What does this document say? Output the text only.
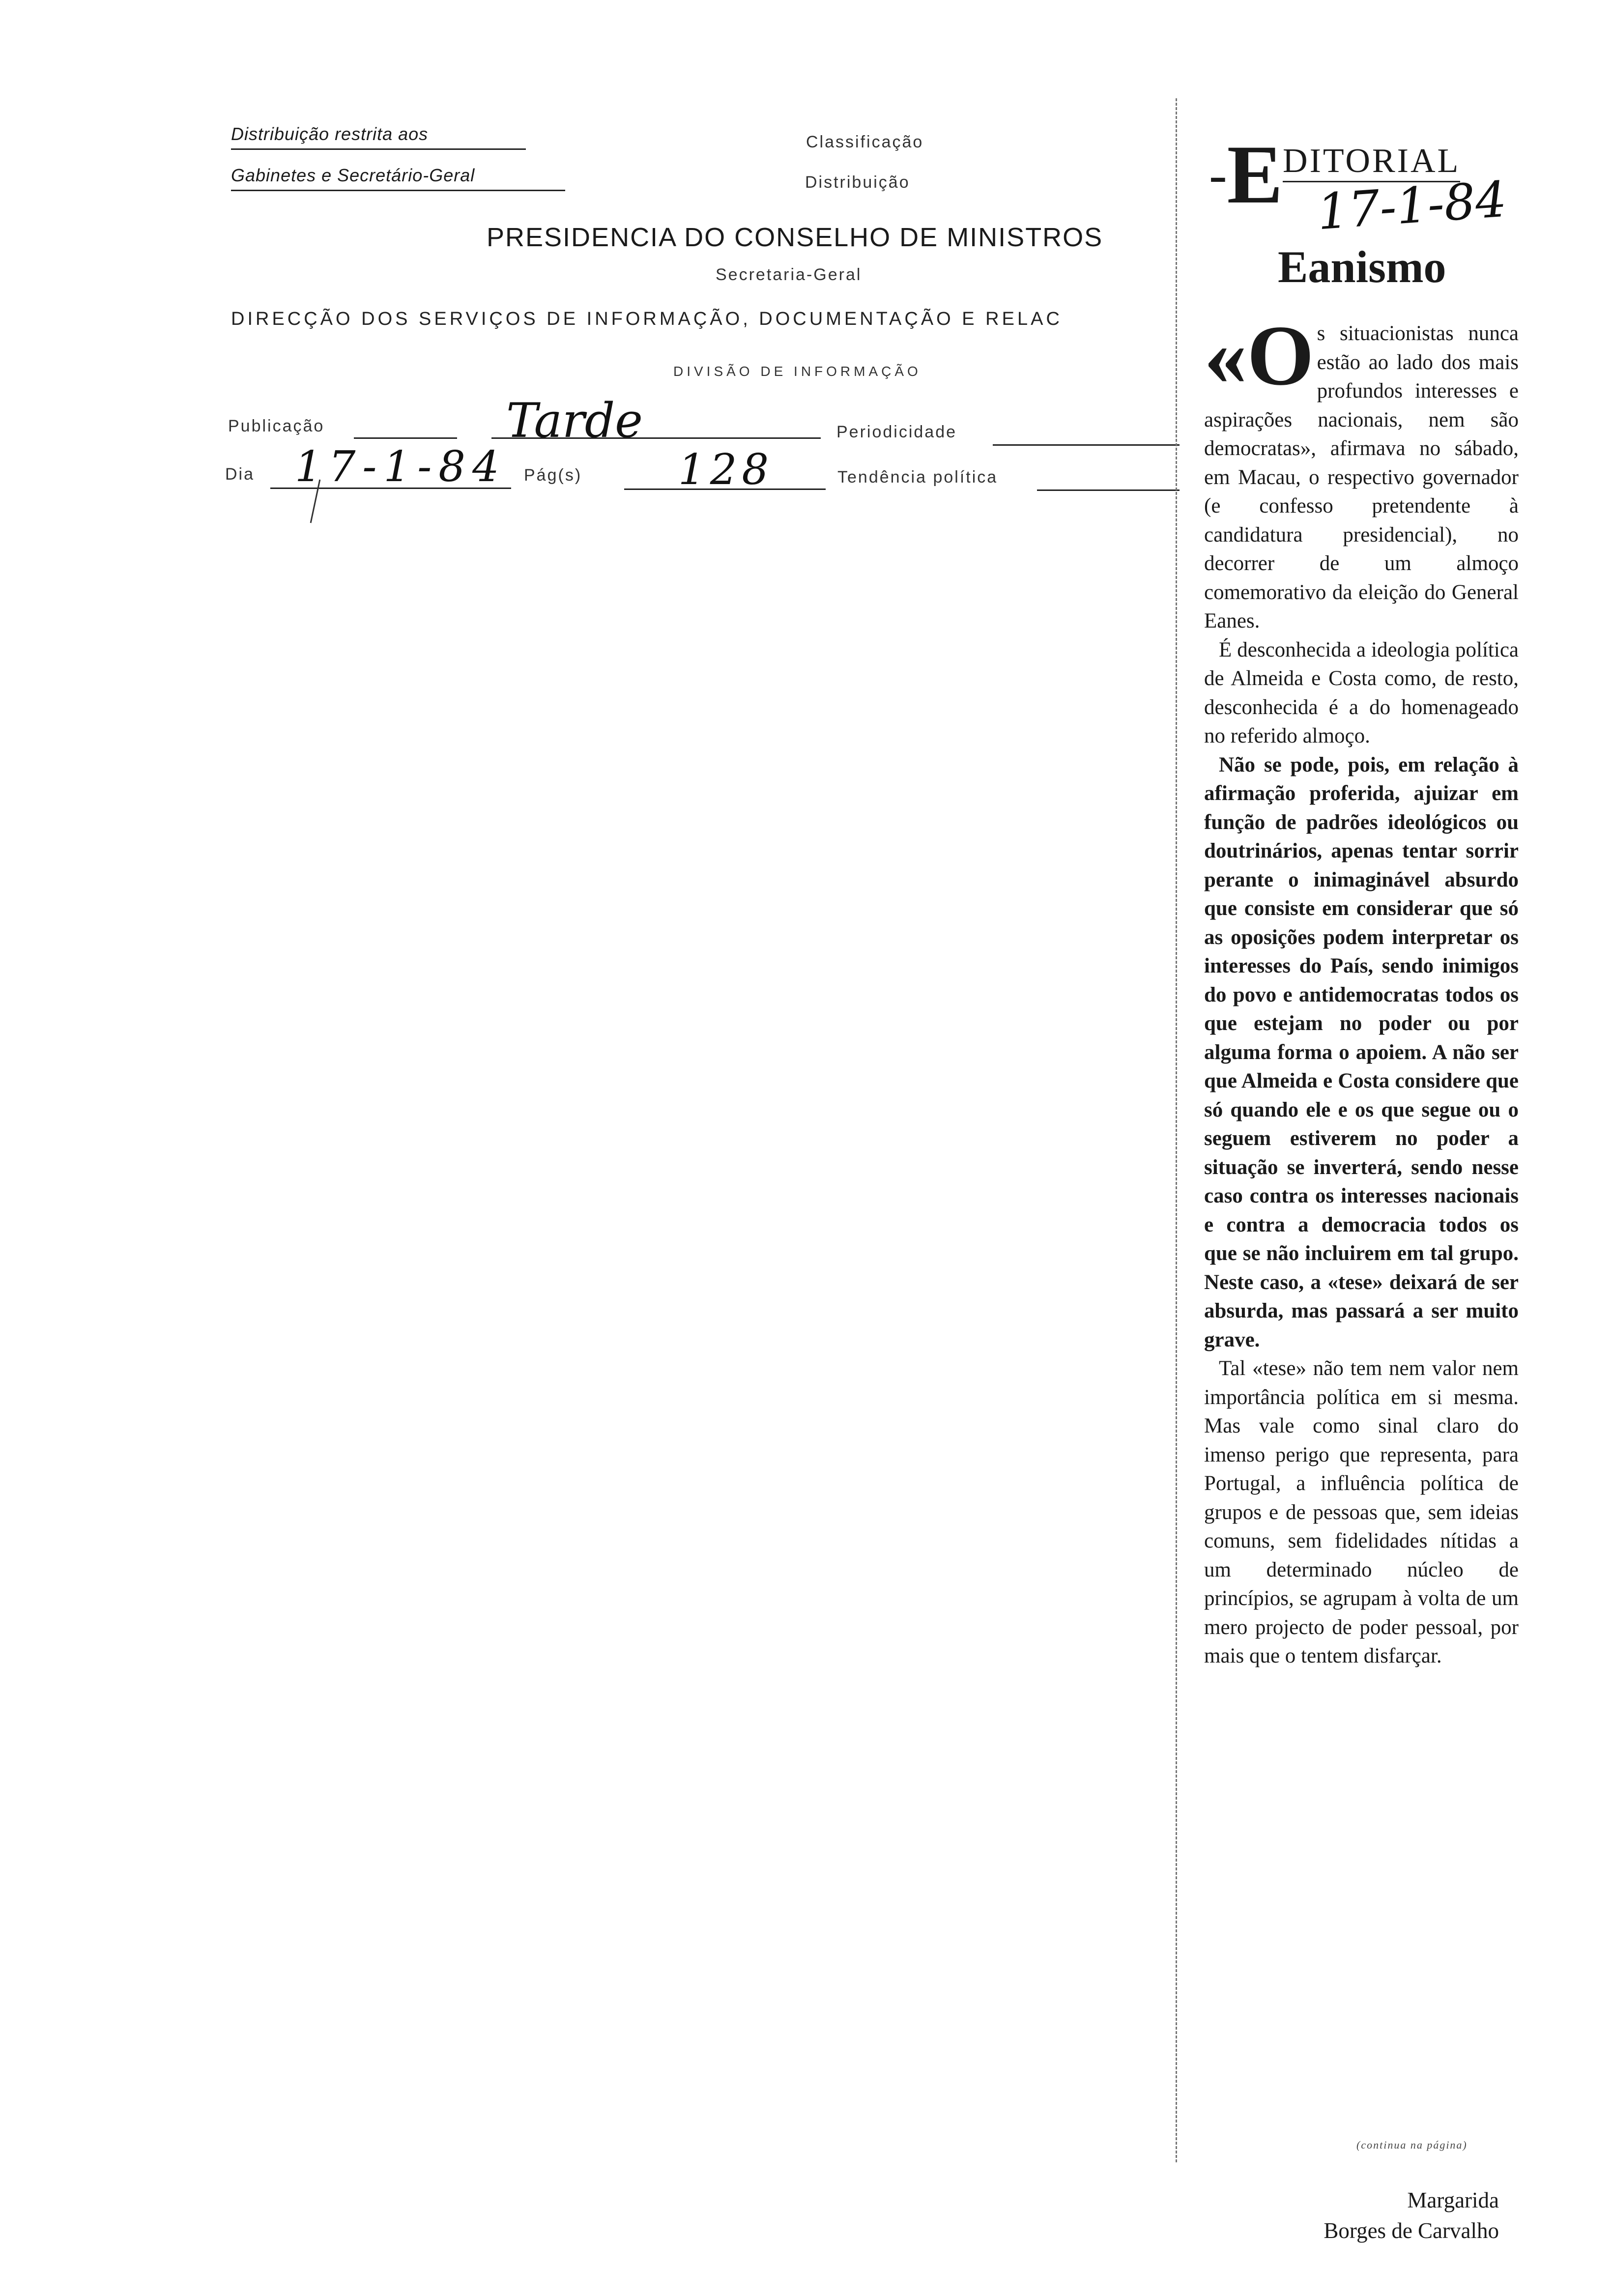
Distribuição restrita aos
Gabinetes e Secretário-Geral
Classificação
Distribuição
PRESIDENCIA DO CONSELHO DE MINISTROS
Secretaria-Geral
DIRECÇÃO DOS SERVIÇOS DE INFORMAÇÃO, DOCUMENTAÇÃO E RELAC
DIVISÃO DE INFORMAÇÃO
Publicação	Tarde	Periodicidade
Dia 17-1-84 Pág(s) 128	Tendência política
- E DITORIAL
17-1-84
Eanismo

«O s situacionistas nunca estão ao lado dos mais profundos interesses e aspirações nacionais, nem são democratas», afirmava no sábado, em Macau, o respectivo governador (e confesso pretendente à candidatura presidencial), no decorrer de um almoço comemorativo da eleição do General Eanes.

É desconhecida a ideologia política de Almeida e Costa como, de resto, desconhecida é a do homenageado no referido almoço.

Não se pode, pois, em relação à afirmação proferida, ajuizar em função de padrões ideológicos ou doutrinários, apenas tentar sorrir perante o inimaginável absurdo que consiste em considerar que só as oposições podem interpretar os interesses do País, sendo inimigos do povo e antidemocratas todos os que estejam no poder ou por alguma forma o apoiem. A não ser que Almeida e Costa considere que só quando ele e os que segue ou o seguem estiverem no poder a situação se inverterá, sendo nesse caso contra os interesses nacionais e contra a democracia todos os que se não incluirem em tal grupo. Neste caso, a «tese» deixará de ser absurda, mas passará a ser muito grave.

Tal «tese» não tem nem valor nem importância política em si mesma. Mas vale como sinal claro do imenso perigo que representa, para Portugal, a influência política de grupos e de pessoas que, sem ideias comuns, sem fidelidades nítidas a um determinado núcleo de princípios, se agrupam à volta de um mero projecto de poder pessoal, por mais que o tentem disfarçar.

(continua na página)
Margarida
Borges de Carvalho
